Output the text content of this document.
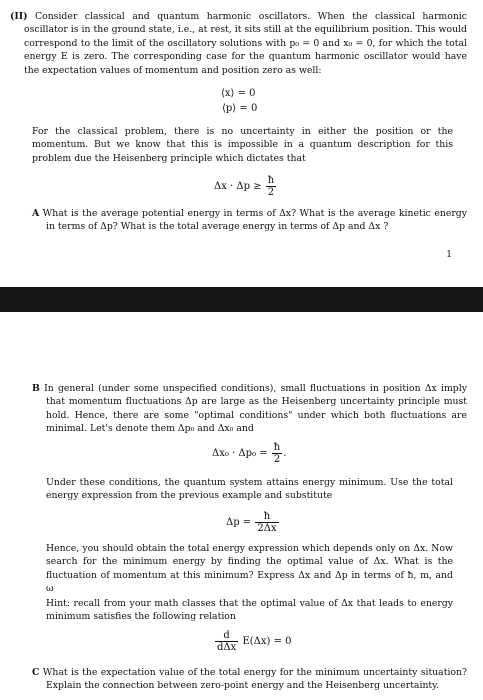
(II) Consider classical and quantum harmonic oscillators. When the classical harmonic oscillator is in the ground state, i.e., at rest, it sits still at the equilibrium position. This would correspond to the limit of the oscillatory solutions with p₀ = 0 and x₀ = 0, for which the total energy E is zero. The corresponding case for the quantum harmonic oscillator would have the expectation values of momentum and position zero as well:

⟨x⟩ = 0
⟨p⟩ = 0

For the classical problem, there is no uncertainty in either the position or the momentum. But we know that this is impossible in a quantum description for this problem due the Heisenberg principle which dictates that

$\Delta x \cdot \Delta p \ge \frac{ħ}{2}$

A What is the average potential energy in terms of Δx? What is the average kinetic energy in terms of Δp? What is the total average energy in terms of Δp and Δx ?

1

B In general (under some unspecified conditions), small fluctuations in position Δx imply that momentum fluctuations Δp are large as the Heisenberg uncertainty principle must hold. Hence, there are some "optimal conditions" under which both fluctuations are minimal. Let's denote them Δp₀ and Δx₀ and

$\Delta x_0 \cdot \Delta p_0 = \frac{ħ}{2}$ .

Under these conditions, the quantum system attains energy minimum. Use the total energy expression from the previous example and substitute

$\Delta p = \frac{ħ}{2\Delta x}$

Hence, you should obtain the total energy expression which depends only on Δx. Now search for the minimum energy by finding the optimal value of Δx. What is the fluctuation of momentum at this minimum? Express Δx and Δp in terms of ħ, m, and ω

Hint: recall from your math classes that the optimal value of Δx that leads to energy minimum satisfies the following relation

$\frac{d}{\text{dΔx}} E(\Delta x) = 0$

C What is the expectation value of the total energy for the minimum uncertainty situation? Explain the connection between zero-point energy and the Heisenberg uncertainty.
